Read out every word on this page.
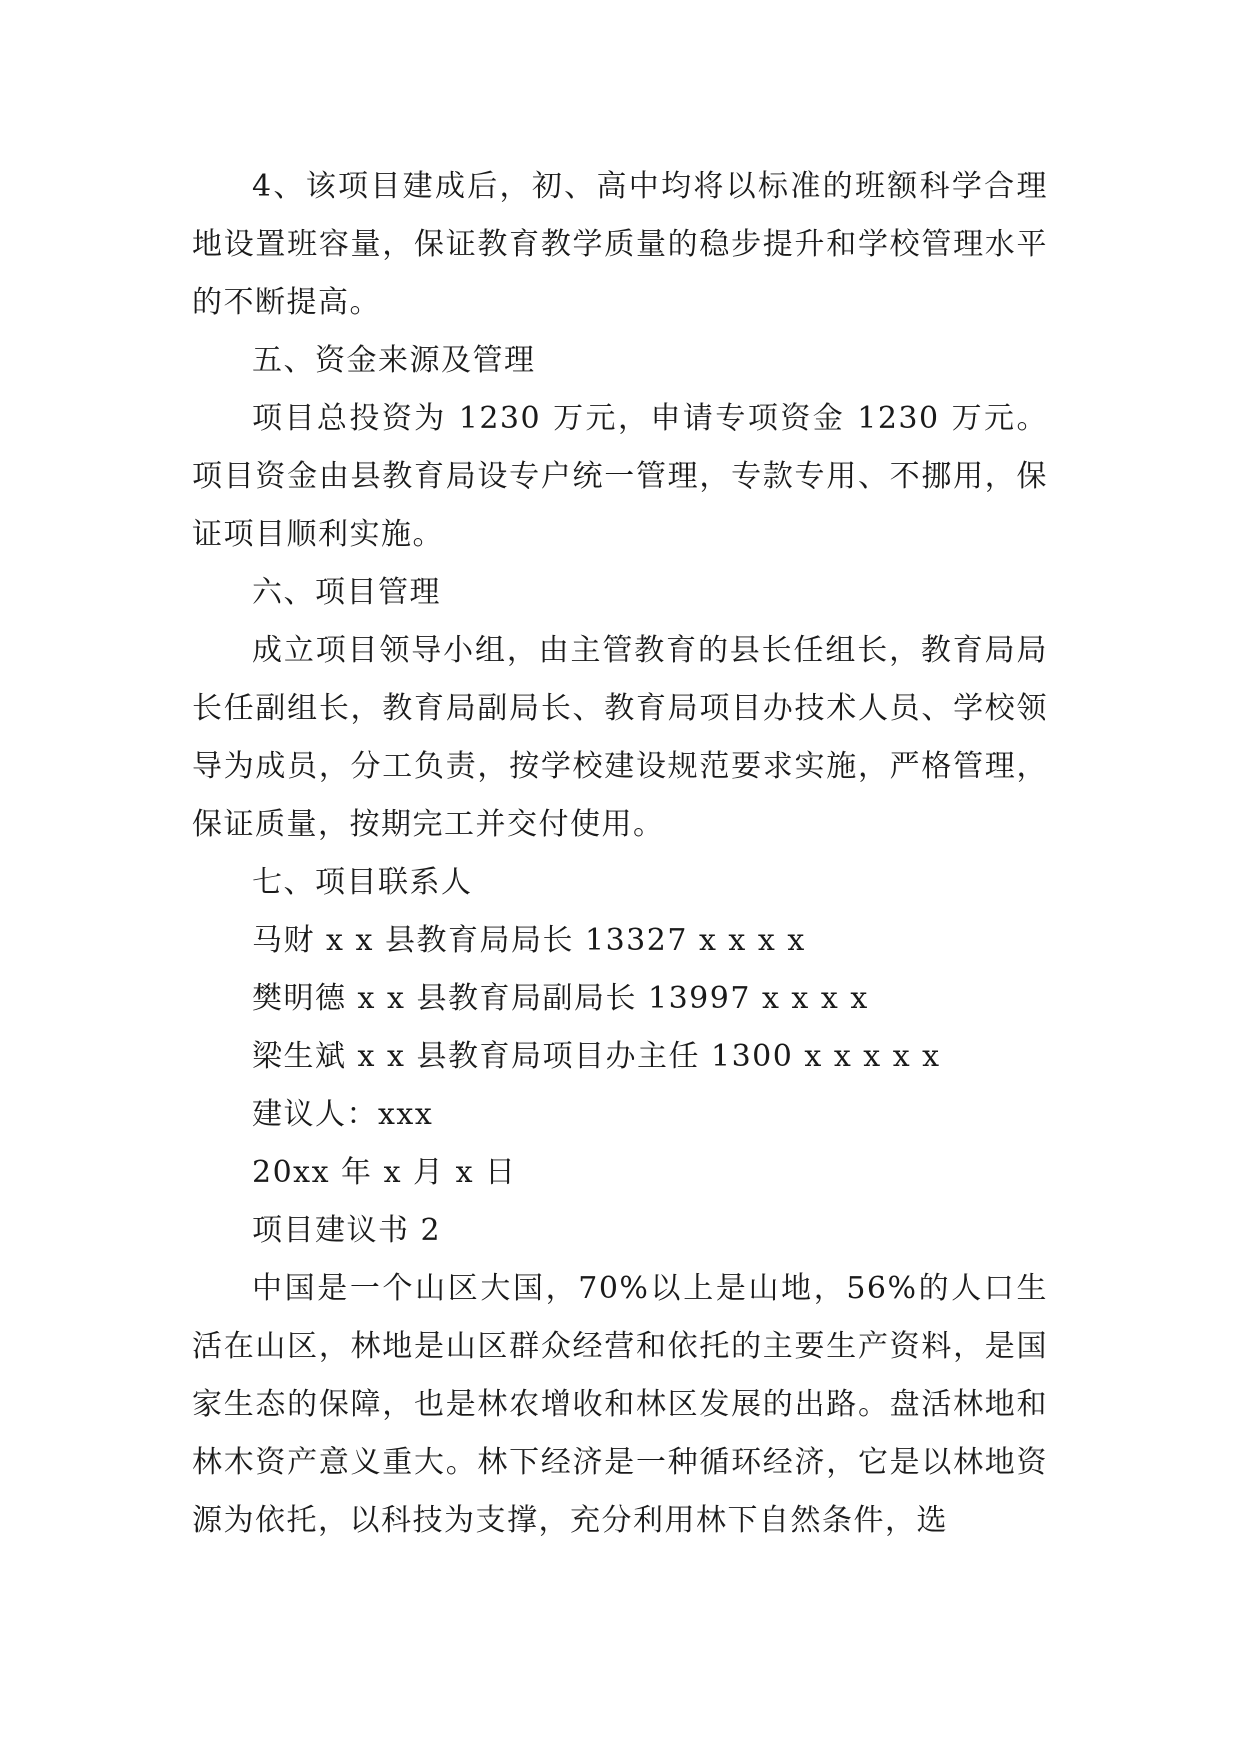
4、该项目建成后，初、高中均将以标准的班额科学合理地设置班容量，保证教育教学质量的稳步提升和学校管理水平的不断提高。

五、资金来源及管理

项目总投资为 1230 万元，申请专项资金 1230 万元。项目资金由县教育局设专户统一管理，专款专用、不挪用，保证项目顺利实施。

六、项目管理

成立项目领导小组，由主管教育的县长任组长，教育局局长任副组长，教育局副局长、教育局项目办技术人员、学校领导为成员，分工负责，按学校建设规范要求实施，严格管理，保证质量，按期完工并交付使用。

七、项目联系人

马财 x x 县教育局局长 13327 x x x x

樊明德 x x 县教育局副局长 13997 x x x x

梁生斌 x x 县教育局项目办主任 1300 x x x x x

建议人：xxx

20xx 年 x 月 x 日

项目建议书 2

中国是一个山区大国，70%以上是山地，56%的人口生活在山区，林地是山区群众经营和依托的主要生产资料，是国家生态的保障，也是林农增收和林区发展的出路。盘活林地和林木资产意义重大。林下经济是一种循环经济，它是以林地资源为依托，以科技为支撑，充分利用林下自然条件，选
